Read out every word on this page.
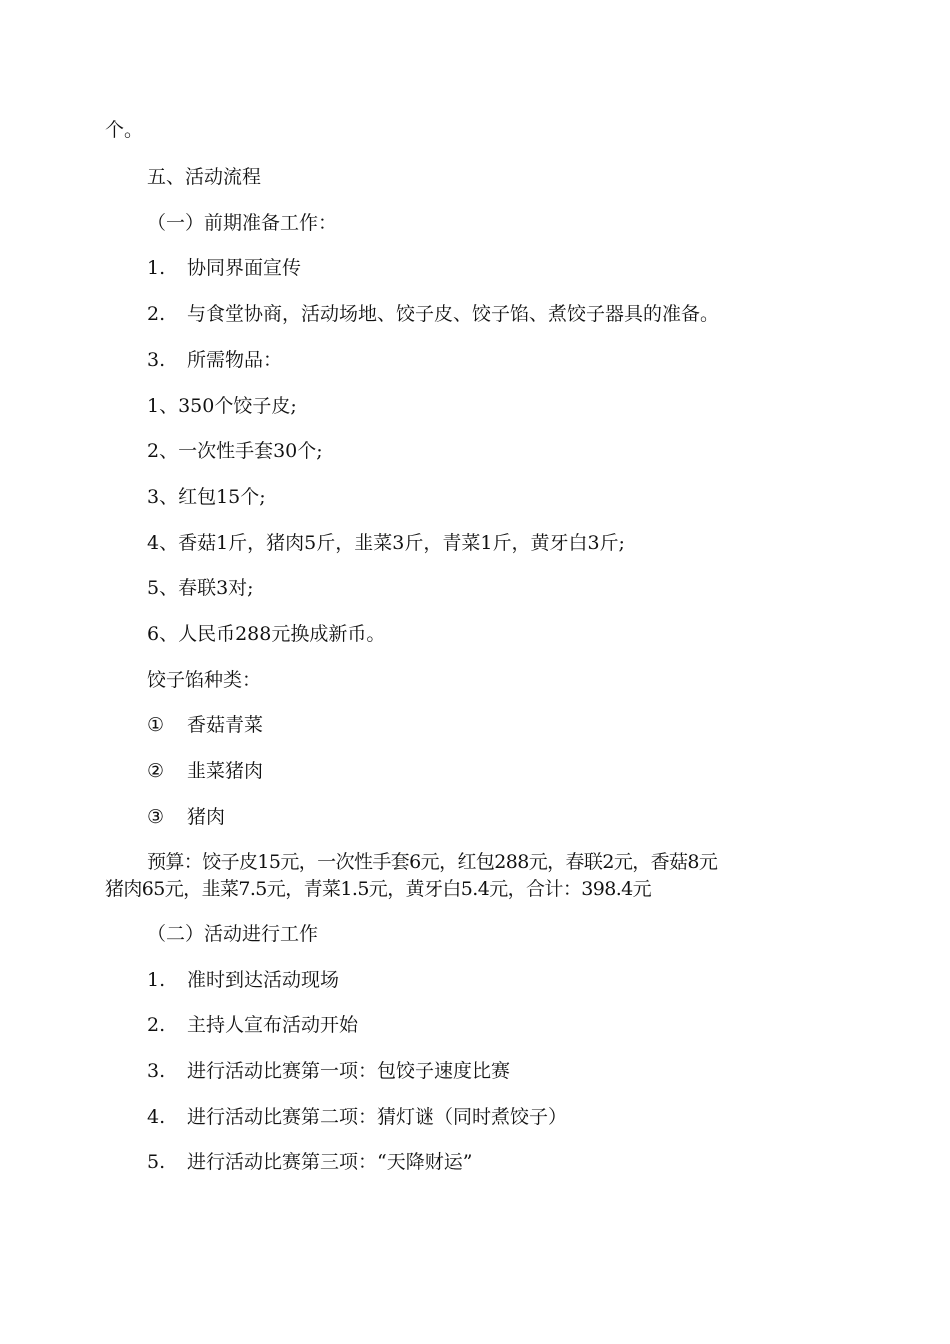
个。
五、活动流程
（一）前期准备工作：
1. 协同界面宣传
2. 与食堂协商，活动场地、饺子皮、饺子馅、煮饺子器具的准备。
3. 所需物品：
1、350个饺子皮;
2、一次性手套30个;
3、红包15个;
4、香菇1斤，猪肉5斤，韭菜3斤，青菜1斤，黄牙白3斤;
5、春联3对;
6、人民币288元换成新币。
饺子馅种类：
① 香菇青菜
② 韭菜猪肉
③ 猪肉
预算：饺子皮15元，一次性手套6元，红包288元，春联2元，香菇8元
猪肉65元，韭菜7.5元，青菜1.5元，黄牙白5.4元，合计：398.4元
（二）活动进行工作
1. 准时到达活动现场
2. 主持人宣布活动开始
3. 进行活动比赛第一项：包饺子速度比赛
4. 进行活动比赛第二项：猜灯谜（同时煮饺子）
5. 进行活动比赛第三项：“天降财运”
